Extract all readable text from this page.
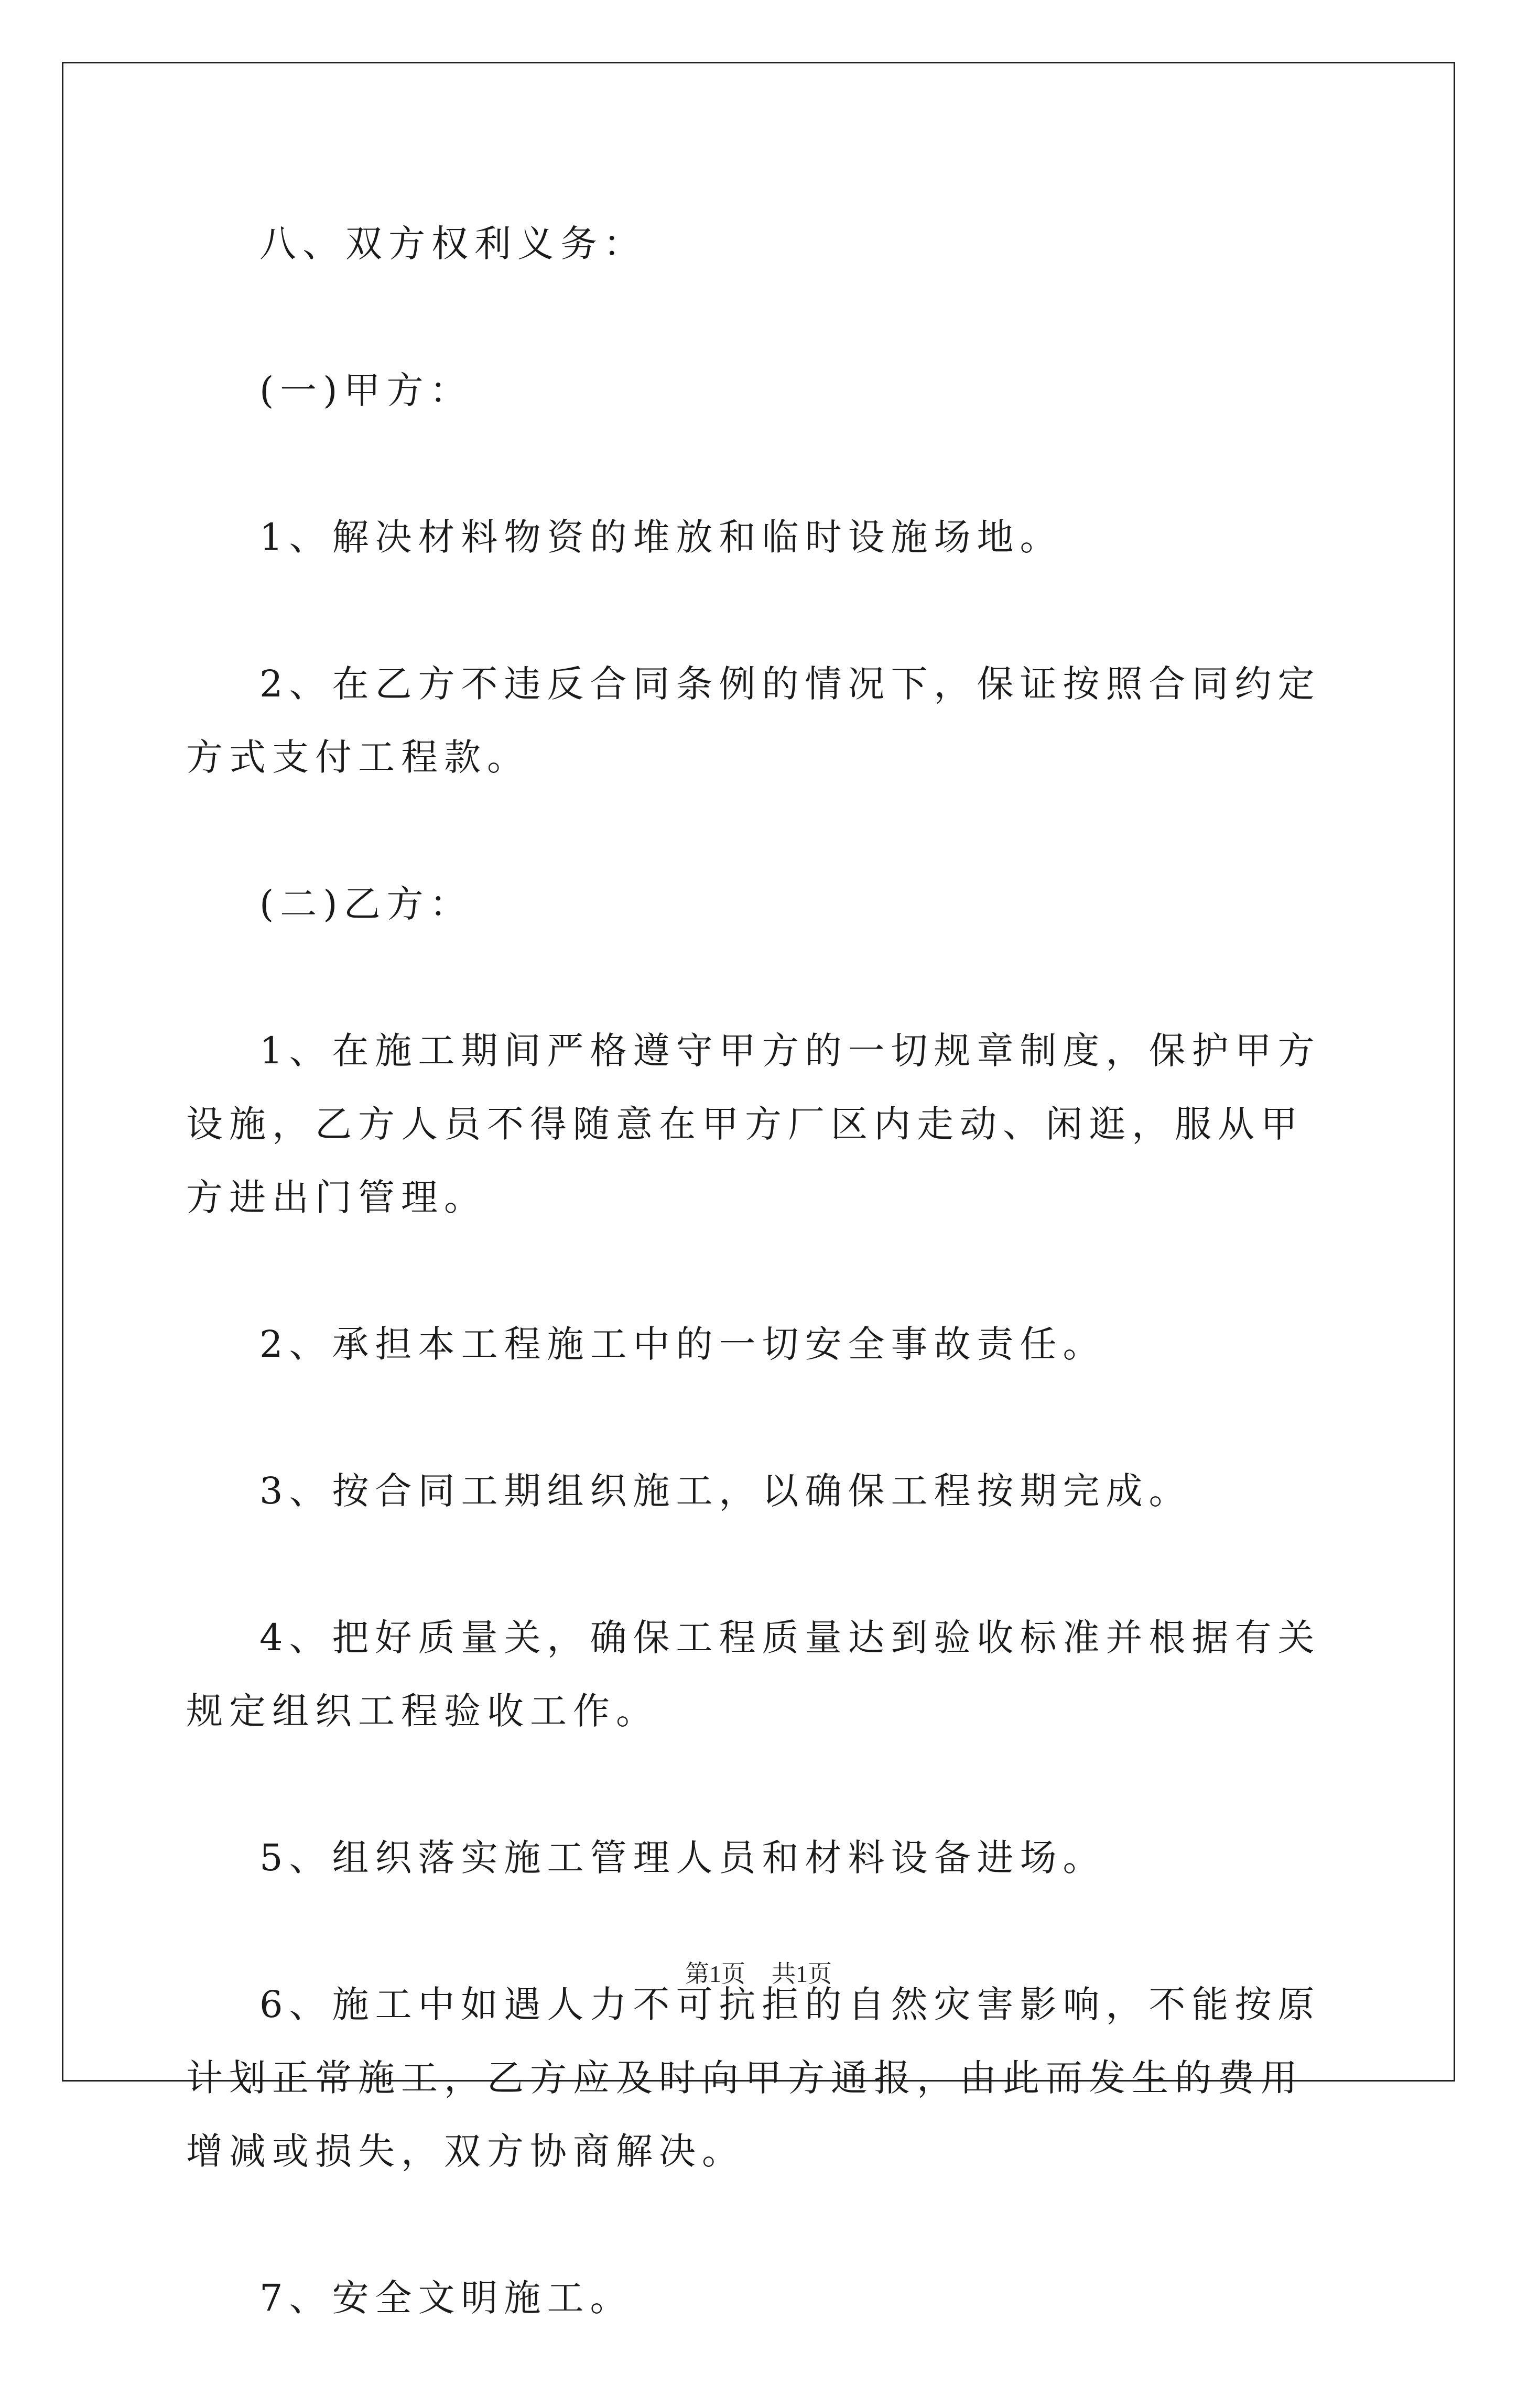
八、双方权利义务：

(一)甲方：

1、解决材料物资的堆放和临时设施场地。

2、在乙方不违反合同条例的情况下，保证按照合同约定方式支付工程款。

(二)乙方：

1、在施工期间严格遵守甲方的一切规章制度，保护甲方设施，乙方人员不得随意在甲方厂区内走动、闲逛，服从甲方进出门管理。

2、承担本工程施工中的一切安全事故责任。

3、按合同工期组织施工，以确保工程按期完成。

4、把好质量关，确保工程质量达到验收标准并根据有关规定组织工程验收工作。

5、组织落实施工管理人员和材料设备进场。

6、施工中如遇人力不可抗拒的自然灾害影响，不能按原计划正常施工，乙方应及时向甲方通报，由此而发生的费用增减或损失，双方协商解决。

7、安全文明施工。

第1页 共1页
